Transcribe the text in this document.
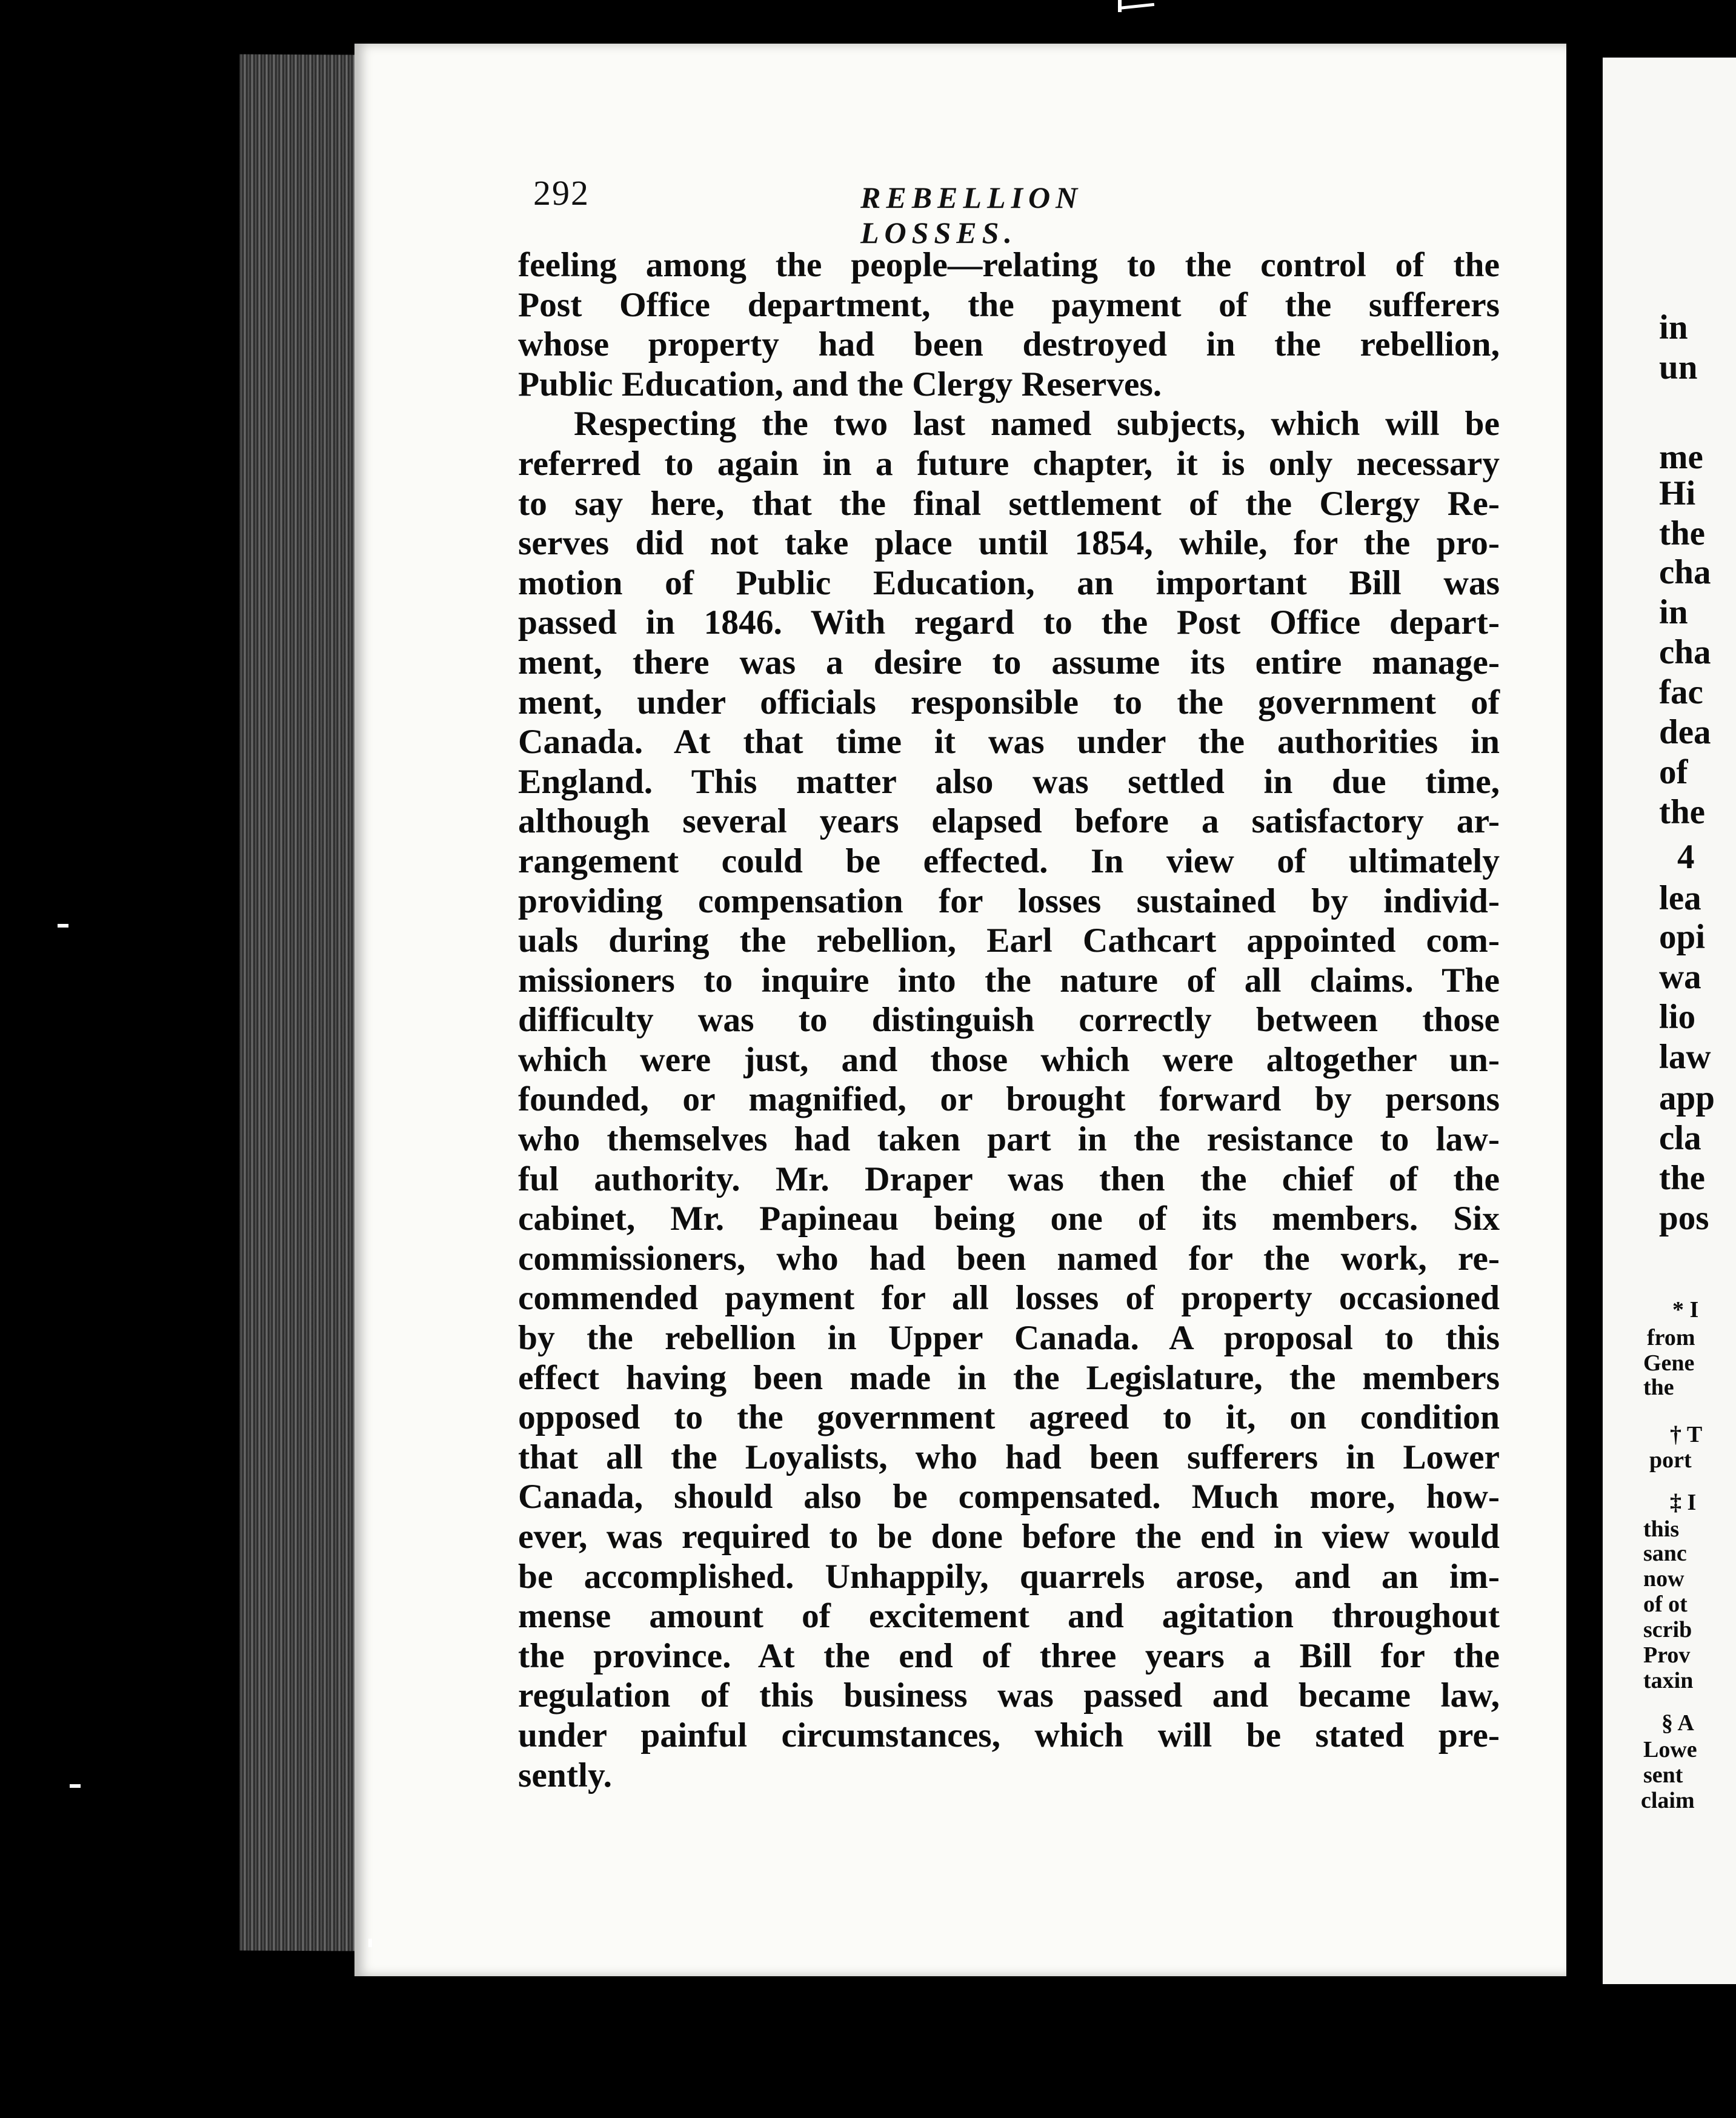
292	REBELLION LOSSES.
feeling among the people—relating to the control of the
Post Office department, the payment of the sufferers
whose property had been destroyed in the rebellion,
Public Education, and the Clergy Reserves.
Respecting the two last named subjects, which will be
referred to again in a future chapter, it is only necessary
to say here, that the final settlement of the Clergy Re-
serves did not take place until 1854, while, for the pro-
motion of Public Education, an important Bill was
passed in 1846. With regard to the Post Office depart-
ment, there was a desire to assume its entire manage-
ment, under officials responsible to the government of
Canada. At that time it was under the authorities in
England. This matter also was settled in due time,
although several years elapsed before a satisfactory ar-
rangement could be effected. In view of ultimately
providing compensation for losses sustained by individ-
uals during the rebellion, Earl Cathcart appointed com-
missioners to inquire into the nature of all claims. The
difficulty was to distinguish correctly between those
which were just, and those which were altogether un-
founded, or magnified, or brought forward by persons
who themselves had taken part in the resistance to law-
ful authority. Mr. Draper was then the chief of the
cabinet, Mr. Papineau being one of its members. Six
commissioners, who had been named for the work, re-
commended payment for all losses of property occasioned
by the rebellion in Upper Canada. A proposal to this
effect having been made in the Legislature, the members
opposed to the government agreed to it, on condition
that all the Loyalists, who had been sufferers in Lower
Canada, should also be compensated. Much more, how-
ever, was required to be done before the end in view would
be accomplished. Unhappily, quarrels arose, and an im-
mense amount of excitement and agitation throughout
the province. At the end of three years a Bill for the
regulation of this business was passed and became law,
under painful circumstances, which will be stated pre-
sently.
in
un
me
Hi
the
cha
in
cha
fac
dea
of
the
4
lea
opi
wa
lio
law
app
cla
the
pos
* I
from
Gene
the
† T
port
‡ I
this
sanc
now
of ot
scrib
Prov
taxin
§ A
Lowe
sent
claim
